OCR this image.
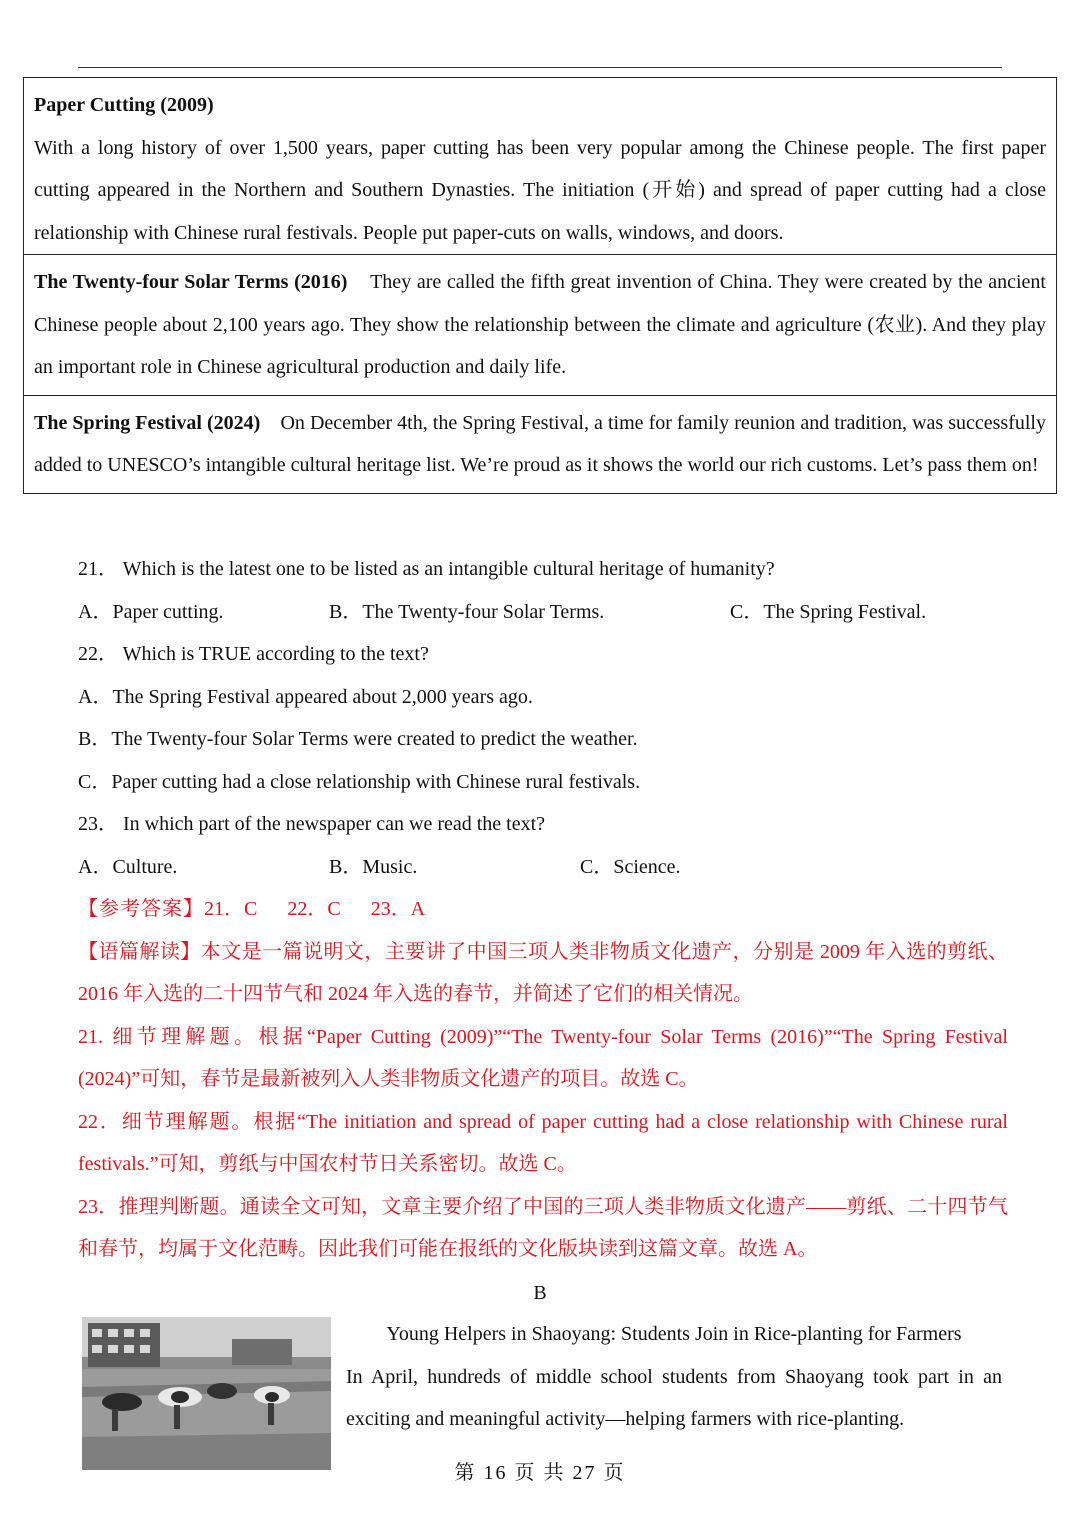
Paper Cutting (2009)

With a long history of over 1,500 years, paper cutting has been very popular among the Chinese people. The first paper cutting appeared in the Northern and Southern Dynasties. The initiation (开始) and spread of paper cutting had a close relationship with Chinese rural festivals. People put paper-cuts on walls, windows, and doors.

The Twenty-four Solar Terms (2016) They are called the fifth great invention of China. They were created by the ancient Chinese people about 2,100 years ago. They show the relationship between the climate and agriculture (农业). And they play an important role in Chinese agricultural production and daily life.

The Spring Festival (2024) On December 4th, the Spring Festival, a time for family reunion and tradition, was successfully added to UNESCO’s intangible cultural heritage list. We’re proud as it shows the world our rich customs. Let’s pass them on!

21． Which is the latest one to be listed as an intangible cultural heritage of humanity?
A．Paper cutting.	B．The Twenty-four Solar Terms.	C．The Spring Festival.
22． Which is TRUE according to the text?
A．The Spring Festival appeared about 2,000 years ago.
B．The Twenty-four Solar Terms were created to predict the weather.
C．Paper cutting had a close relationship with Chinese rural festivals.
23． In which part of the newspaper can we read the text?
A．Culture.	B．Music.	C．Science.
【参考答案】21．C 22．C 23．A

【语篇解读】本文是一篇说明文，主要讲了中国三项人类非物质文化遗产，分别是 2009 年入选的剪纸、2016 年入选的二十四节气和 2024 年入选的春节，并简述了它们的相关情况。

21. 细节理解题。根据“Paper Cutting (2009)”“The Twenty-four Solar Terms (2016)”“The Spring Festival (2024)”可知，春节是最新被列入人类非物质文化遗产的项目。故选 C。

22．细节理解题。根据“The initiation and spread of paper cutting had a close relationship with Chinese rural festivals.”可知，剪纸与中国农村节日关系密切。故选 C。

23．推理判断题。通读全文可知，文章主要介绍了中国的三项人类非物质文化遗产——剪纸、二十四节气和春节，均属于文化范畴。因此我们可能在报纸的文化版块读到这篇文章。故选 A。

B

Young Helpers in Shaoyang: Students Join in Rice-planting for Farmers

In April, hundreds of middle school students from Shaoyang took part in an exciting and meaningful activity—helping farmers with rice-planting.

第 16 页 共 27 页
